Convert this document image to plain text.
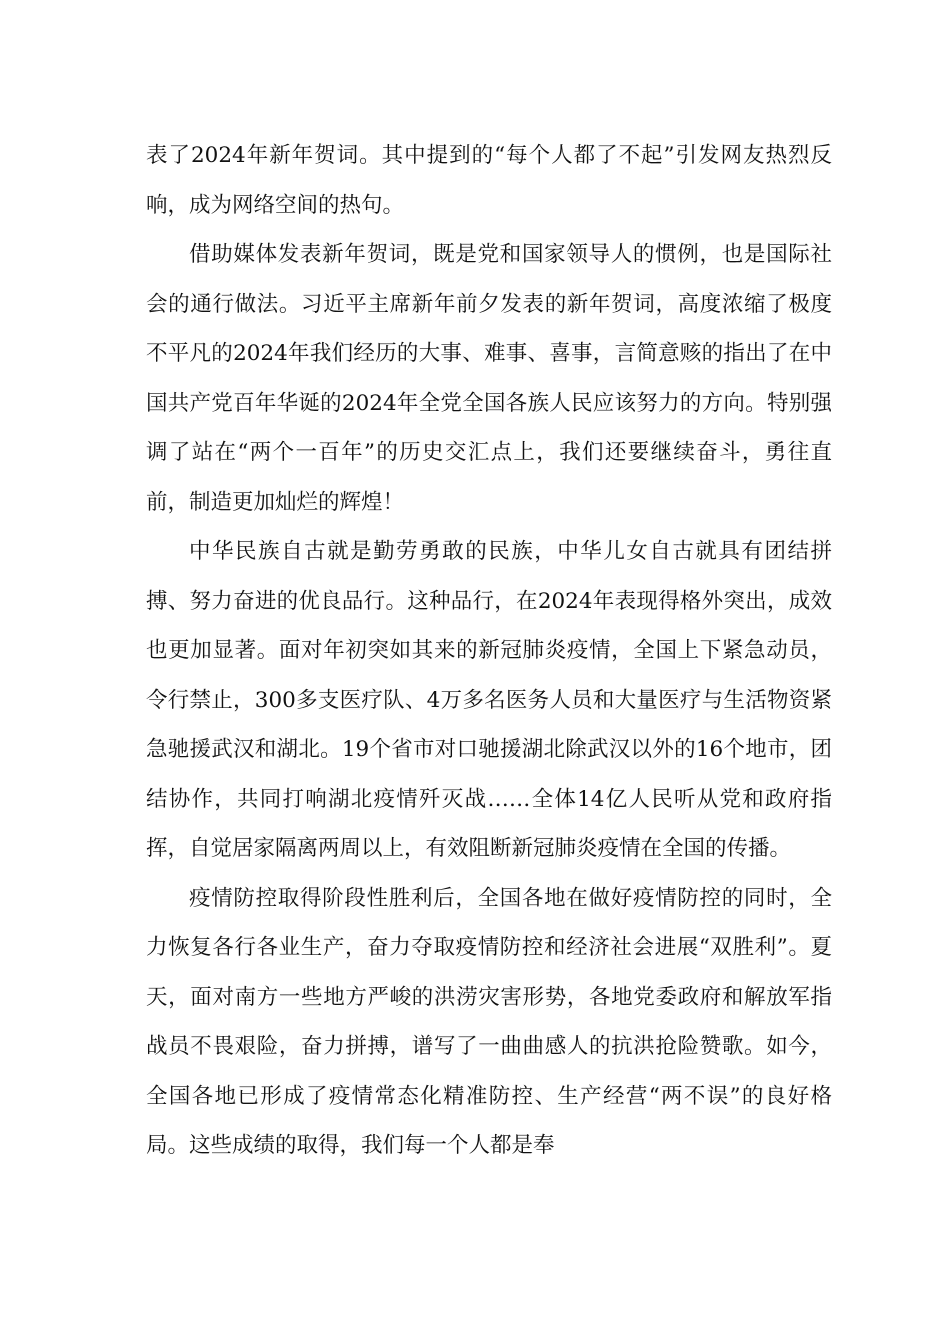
表了2024年新年贺词。其中提到的“每个人都了不起”引发网友热烈反响，成为网络空间的热句。

借助媒体发表新年贺词，既是党和国家领导人的惯例，也是国际社会的通行做法。习近平主席新年前夕发表的新年贺词，高度浓缩了极度不平凡的2024年我们经历的大事、难事、喜事，言简意赅的指出了在中国共产党百年华诞的2024年全党全国各族人民应该努力的方向。特别强调了站在“两个一百年”的历史交汇点上，我们还要继续奋斗，勇往直前，制造更加灿烂的辉煌！

中华民族自古就是勤劳勇敢的民族，中华儿女自古就具有团结拼搏、努力奋进的优良品行。这种品行，在2024年表现得格外突出，成效也更加显著。面对年初突如其来的新冠肺炎疫情，全国上下紧急动员，令行禁止，300多支医疗队、4万多名医务人员和大量医疗与生活物资紧急驰援武汉和湖北。19个省市对口驰援湖北除武汉以外的16个地市，团结协作，共同打响湖北疫情歼灭战……全体14亿人民听从党和政府指挥，自觉居家隔离两周以上，有效阻断新冠肺炎疫情在全国的传播。

疫情防控取得阶段性胜利后，全国各地在做好疫情防控的同时，全力恢复各行各业生产，奋力夺取疫情防控和经济社会进展“双胜利”。夏天，面对南方一些地方严峻的洪涝灾害形势，各地党委政府和解放军指战员不畏艰险，奋力拼搏，谱写了一曲曲感人的抗洪抢险赞歌。如今，全国各地已形成了疫情常态化精准防控、生产经营“两不误”的良好格局。这些成绩的取得，我们每一个人都是奉
